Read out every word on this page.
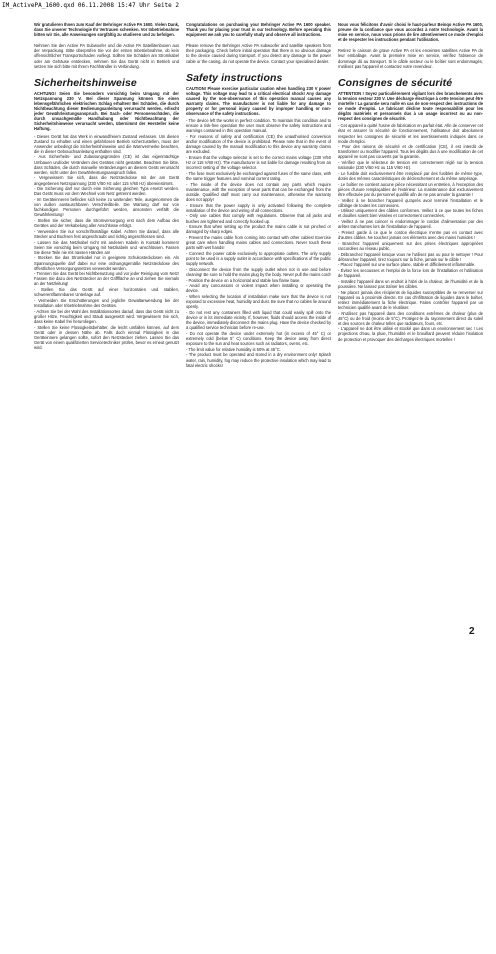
IM_ActivePA_1600.qxd 06.11.2008 15:47 Uhr Seite 2

Wir gratulieren Ihnen zum Kauf der Behringer Active PA 1600. Vielen Dank, dass Sie unserer Technologie Ihr Vertrauen schenken. Vor Inbetriebnahme bitten wir Sie, alle Anweisungen sorgfältig zu studieren und zu befolgen.

Nehmen Sie den Active PA Subwoofer und die Active PA Satellitenboxen aus der Verpackung. Bitte überprüfen Sie vor der ersten Inbetriebnahme, ob kein offensichtlicher Transportschaden vorliegt. Sollten Sie Schäden am Stromkabel oder am Gehäuse entdecken, nehmen Sie das Gerät nicht in Betrieb und setzen Sie sich bitte mit Ihrem Fachhändler in Verbindung.

Sicherheitshinweise

ACHTUNG! Seien Sie besonders vorsichtig beim Umgang mit der Netzspannung 230 V. Bei dieser Spannung können Sie einen lebensgefährlichen elektrischen Schlag erhalten! Bei Schäden, die durch Nichtbeachtung dieser Bedienungsanleitung verursacht werden, erlischt jeder Gewährleistungsanspruch. Bei Sach- oder Personenschäden, die durch unsachgemäße Handhabung oder Nichtbeachtung der Sicherheitshinweise verursacht werden, übernimmt der Hersteller keine Haftung.

- Dieses Gerät hat das Werk in einwandfreiem Zustand verlassen. Um diesen Zustand zu erhalten und einen gefahrlosen Betrieb sicherzustellen, muss der Anwender unbedingt die Sicherheitshinweise und die Warnvermerke beachten, die in dieser Gebrauchsanleitung enthalten sind.
- Aus Sicherheits- und Zulassungsgründen (CE) ist das eigenmächtige Umbauen und/oder Verändern des Gerätes nicht gestattet. Beachten Sie bitte, dass Schäden, die durch manuelle Veränderungen an diesem Gerät verursacht werden, nicht unter den Gewährleistungsanspruch fallen.
- Vergewissern Sie sich, dass die Netzsteckdose mit der am Gerät angegebenen Netzspannung (230 V/50 Hz oder 115 V/60 Hz) übereinstimmt.
- Die Sicherung darf nur durch eine Sicherung gleichen Typs ersetzt werden. Das Gerät muss vor dem Wechsel vom Netz getrennt werden.
- Im Geräteinneren befinden sich keine zu wartenden Teile, ausgenommen die von außen austauschbaren Verschleißteile. Die Wartung darf nur von fachkundigen Personen durchgeführt werden, ansonsten verfällt die Gewährleistung!
- Stellen Sie sicher, dass die Stromversorgung erst nach dem Aufbau des Gerätes und der Verkabelung aller Anschlüsse erfolgt.
- Verwenden Sie nur vorschriftsmäßige Kabel. Achten Sie darauf, dass alle Stecker und Buchsen fest angeschraubt und richtig angeschlossen sind.
- Lassen Sie das Netzkabel nicht mit anderen Kabeln in Kontakt kommen! Seien Sie vorsichtig beim Umgang mit Netzkabeln und -anschlüssen. Fassen Sie diese Teile nie mit nassen Händen an!
- Stecken Sie das Stromkabel nur in geeignete Schukosteckdosen ein. Als Spannungsquelle darf dabei nur eine ordnungsgemäße Netzsteckdose des öffentlichen Versorgungsnetzes verwendet werden.
- Trennen Sie das Gerät bei Nichtbenutzung und vor jeder Reinigung vom Netz! Fassen Sie dazu den Netzstecker an der Grifffläche an und ziehen Sie niemals an der Netzleitung!
- Stellen Sie das Gerät auf einer horizontalen und stabilen, schwerentflammbaren Unterlage auf.
- Vermeiden Sie Erschütterungen und jegliche Gewaltanwendung bei der Installation oder Inbetriebnahme des Gerätes.
- Achten Sie bei der Wahl des Installationsortes darauf, dass das Gerät nicht zu großer Hitze, Feuchtigkeit und Staub ausgesetzt wird. Vergewissern Sie sich, dass keine Kabel frei herumliegen.
- Stellen Sie keine Flüssigkeitsbehälter, die leicht umfallen können, auf dem Gerät oder in dessen Nähe ab. Falls doch einmal Flüssigkeit in das Geräteinnere gelangen sollte, sofort den Netzstecker ziehen. Lassen Sie das Gerät von einem qualifizierten Servicetechniker prüfen, bevor es erneut genutzt wird.

Congratulations on purchasing your Behringer Active PA 1600 speaker. Thank you for placing your trust in our technology. Before operating this equipment we ask you to carefully study and observe all instructions.

Please remove the Behringer Active PA subwoofer and satellite speakers from their packaging. Check before initial operation that there is no obvious damage to the device caused during transport. If you detect any damage to the power cable or the casing, do not operate the device. Contact your specialised dealer.

Safety instructions

CAUTION! Please exercise particular caution when handling 230 V power voltage. This voltage may lead to a critical electrical shock! Any damage caused by the non-observance of this operation manual causes any warranty claims. The manufacturer is not liable for any damage to property or for personal injury caused by improper handling or non-observance of the safety instructions.

- The device left the works in perfect condition. To maintain this condition and to ensure a risk-free operation the user must observe the safety instructions and warnings contained in this operation manual.
- For reasons of safety and certification (CE) the unauthorised conversion and/or modification of the device is prohibited. Please note that in the event of damage caused by the manual modification to this device any warranty claims are excluded.
- Ensure that the voltage selector is set to the correct mains voltage (230 V/50 Hz or 115 V/60 Hz). The manufacturer is not liable for damage resulting from an incorrect setting of the voltage selector.
- The fuse must exclusively be exchanged against fuses of the same class, with the same trigger features and nominal current rating.
- The inside of the device does not contain any parts which require maintenance, with the exception of wear parts that can be exchanged from the outside. Qualified staff must carry out maintenance, otherwise the warranty does not apply!
- Ensure that the power supply is only activated following the complete installation of the device and wiring of all connections.
- Only use cables that comply with regulations. Observe that all jacks and bushes are tightened and correctly hooked up.
- Ensure that when setting up the product the mains cable is not pinched or damaged by sharp edges.
- Prevent the mains cable from coming into contact with other cables! Exercise great care when handling mains cables and connections. Never touch these parts with wet hands!
- Connect the power cable exclusively to appropriate outlets. The only supply point to be used is a supply outlet in accordance with specifications of the public supply network.
- Disconnect the device from the supply outlet when not in use and before cleaning! Be sure to hold the mains plug by the body. Never pull the mains cord!
- Position the device on a horizontal and stable low flame base.
- Avoid any concussions or violent impact when installing or operating the device.
- When selecting the location of installation make sure that the device is not exposed to excessive heat, humidity and dust. Be sure that no cables lie around openly.
- Do not rest any containers filled with liquid that could easily spill onto the device or in its immediate vicinity. If, however, fluids should access the inside of the device, immediately disconnect the mains plug. Have the device checked by a qualified service technician before re-use.
- Do not operate the device under extremely hot (in excess of 45° C) or extremely cold (below 5° C) conditions. Keep the device away from direct exposure to the sun and heat sources such as radiators, ovens, etc.
- The limit value for relative humidity is 50% at 45°C.
- The product must be operated and stored in a dry environment only! Splash water, rain, humidity, fog may reduce the protective insulation which may lead to fatal electric shocks!

Nous vous félicitons d'avoir choisi le haut-parleur Beinqo Active PA 1600, preuve de la confiance que vous accordez à notre technologie. Avant la mise en service, nous vous prions de lire attentivement ce mode d'emploi et de respecter les instructions pendant l'utilisation.

Retirez le caisson de grave Active PA et les enceintes satellites Active PA de leur emballage. Avant la première mise en service, vérifiez l'absence de dommage dû au transport. Si le câble secteur ou le boîtier sont endommagés, n'utilisez pas l'appareil et contactez votre revendeur.

Consignes de sécurité

ATTENTION ! Soyez particulièrement vigilant lors des branchements avec la tension secteur 230 V. Une décharge électrique à cette tension peut être mortelle ! La garantie sera nulle en cas de non-respect des instructions de ce mode d'emploi. Le fabricant décline toute responsabilité pour les dégâts matériels et personnels dus à un usage incorrect ou au non-respect des consignes de sécurité.

- Cet appareil a quitté l'usine de fabrication en parfait état. Afin de conserver cet état et assurer la sécurité de fonctionnement, l'utilisateur doit absolument respecter les consignes de sécurité et les avertissements indiqués dans ce mode d'emploi.
- Pour des raisons de sécurité et de certification (CE), il est interdit de transformer ou modifier l'appareil. Tous les dégâts dus à une modification de cet appareil ne sont pas couverts par la garantie.
- Vérifiez que le sélecteur de tension est correctement réglé sur la tension nationale (230 V/50 Hz ou 115 V/60 Hz).
- Le fusible doit exclusivement être remplacé par des fusibles de même type, dotés des mêmes caractéristiques de déclenchement et du même ampérage.
- Le boîtier ne contient aucune pièce nécessitant un entretien, à l'exception des pièces d'usure remplaçables de l'extérieur. La maintenance doit exclusivement être effectuée par du personnel qualifié afin de ne pas annuler la garantie !
- Veillez à ne brancher l'appareil qu'après avoir terminé l'installation et le câblage de toutes les connexions.
- Utilisez uniquement des câbles conformes. Veillez à ce que toutes les fiches et douilles soient bien vissées et correctement connectées.
- Veillez à ne pas coincer ni endommager le cordon d'alimentation par des arêtes tranchantes lors de l'installation de l'appareil.
- Prenez garde à ce que le cordon électrique n'entre pas en contact avec d'autres câbles. Ne touchez jamais ces éléments avec des mains humides !
- Branchez l'appareil uniquement sur des prises électriques appropriées raccordées au réseau public.
- Débranchez l'appareil lorsque vous ne l'utilisez pas ou pour le nettoyer ! Pour débrancher l'appareil, tirez toujours sur la fiche, jamais sur le câble !
- Placez l'appareil sur une surface plane, stable et difficilement inflammable.
- Évitez les secousses et l'emploi de la force lors de l'installation et l'utilisation de l'appareil.
- Installez l'appareil dans un endroit à l'abri de la chaleur, de l'humidité et de la poussière. Ne laissez pas traîner les câbles.
- Ne placez jamais des récipients de liquides susceptibles de se renverser sur l'appareil ou à proximité directe. En cas d'infiltration de liquides dans le boîtier, retirez immédiatement la fiche électrique. Faites contrôler l'appareil par un technicien qualifié avant de le réutiliser.
- N'utilisez pas l'appareil dans des conditions extrêmes de chaleur (plus de 45°C) ou de froid (moins de 5°C). Protégez-le du rayonnement direct du soleil et des sources de chaleur telles que radiateurs, fours, etc.
- L'appareil ne doit être utilisé et stocké que dans un environnement sec ! Les projections d'eau, la pluie, l'humidité et le brouillard peuvent réduire l'isolation de protection et provoquer des décharges électriques mortelles !
2
